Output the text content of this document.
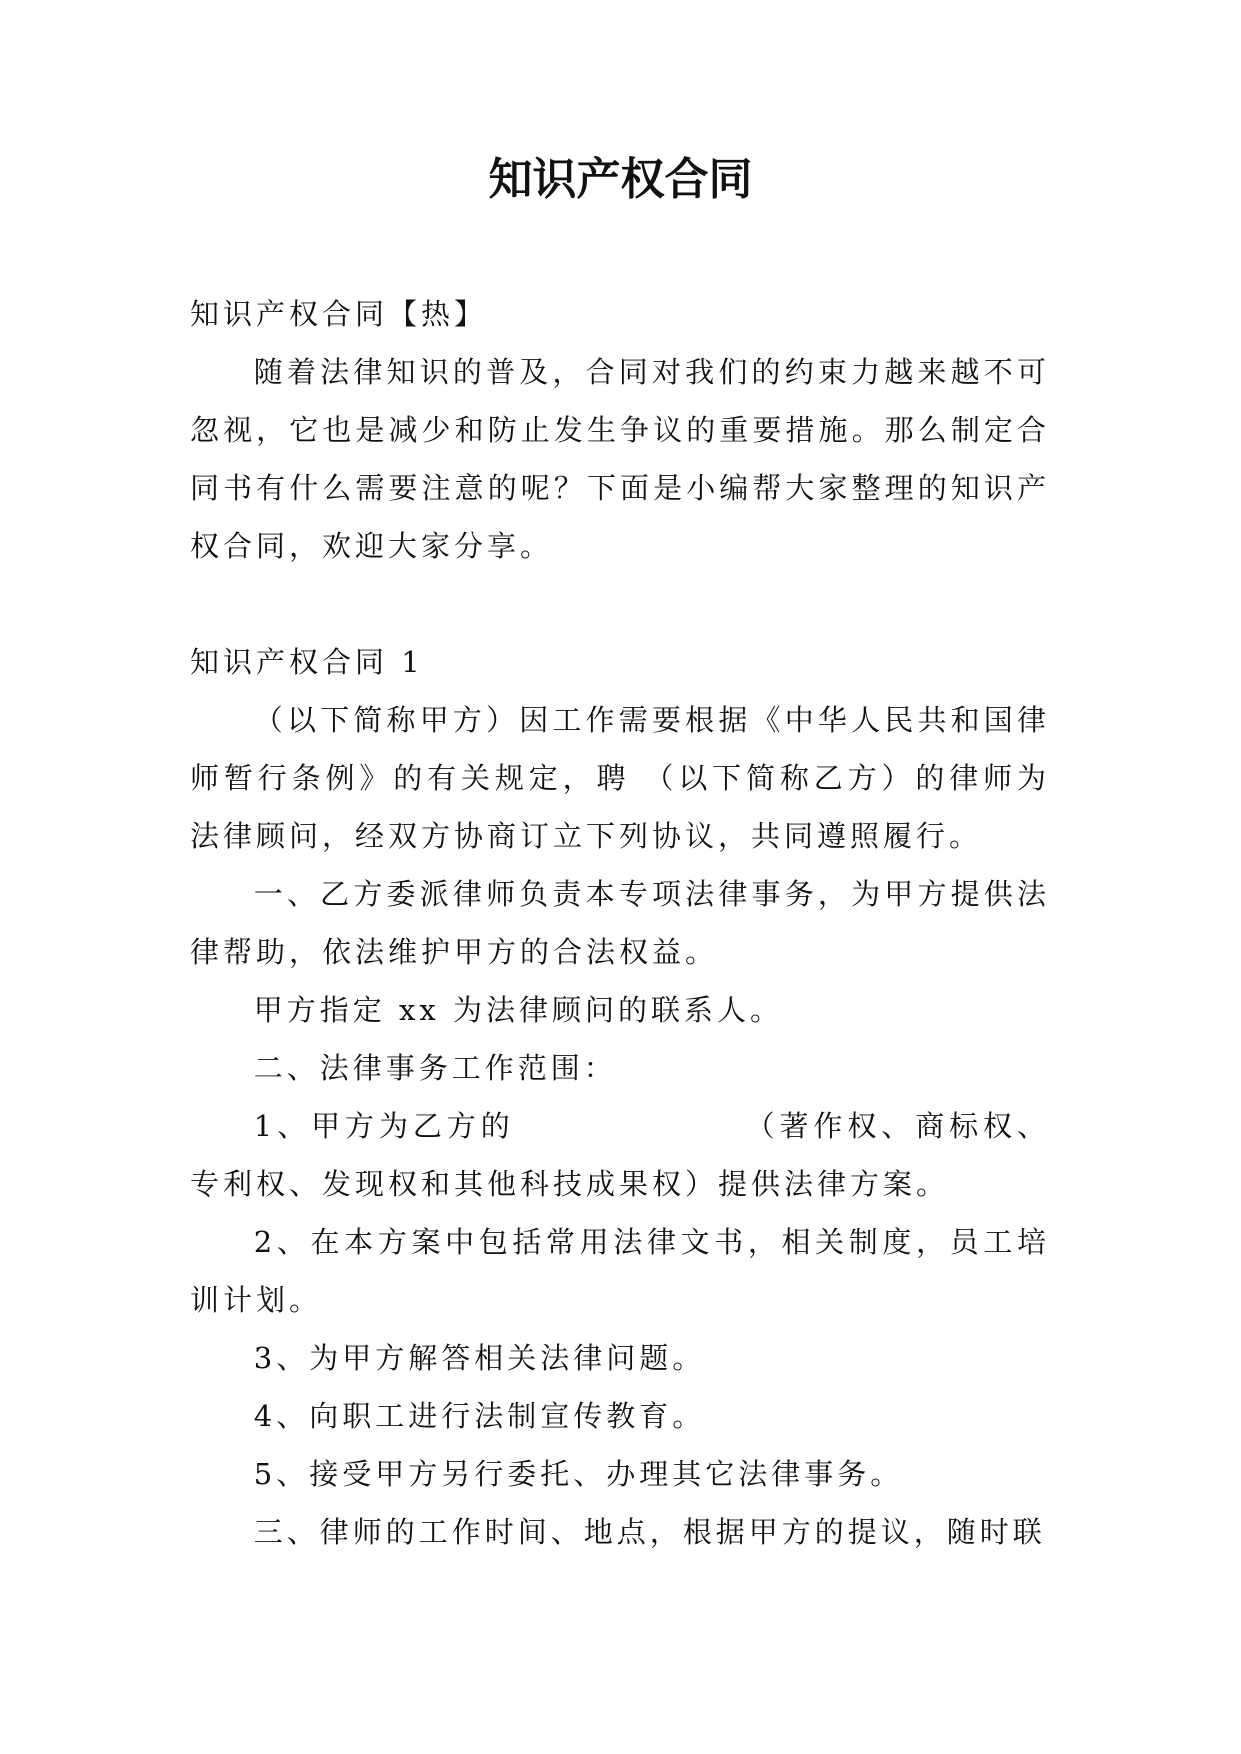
知识产权合同

知识产权合同【热】

随着法律知识的普及，合同对我们的约束力越来越不可忽视，它也是减少和防止发生争议的重要措施。那么制定合同书有什么需要注意的呢？下面是小编帮大家整理的知识产权合同，欢迎大家分享。

知识产权合同 1

（以下简称甲方）因工作需要根据《中华人民共和国律师暂行条例》的有关规定，聘 （以下简称乙方）的律师为法律顾问，经双方协商订立下列协议，共同遵照履行。

一、乙方委派律师负责本专项法律事务，为甲方提供法律帮助，依法维护甲方的合法权益。

甲方指定 xx 为法律顾问的联系人。

二、法律事务工作范围：

1、甲方为乙方的	（著作权、商标权、专利权、发现权和其他科技成果权）提供法律方案。

2、在本方案中包括常用法律文书，相关制度，员工培训计划。

3、为甲方解答相关法律问题。

4、向职工进行法制宣传教育。

5、接受甲方另行委托、办理其它法律事务。

三、律师的工作时间、地点，根据甲方的提议，随时联
